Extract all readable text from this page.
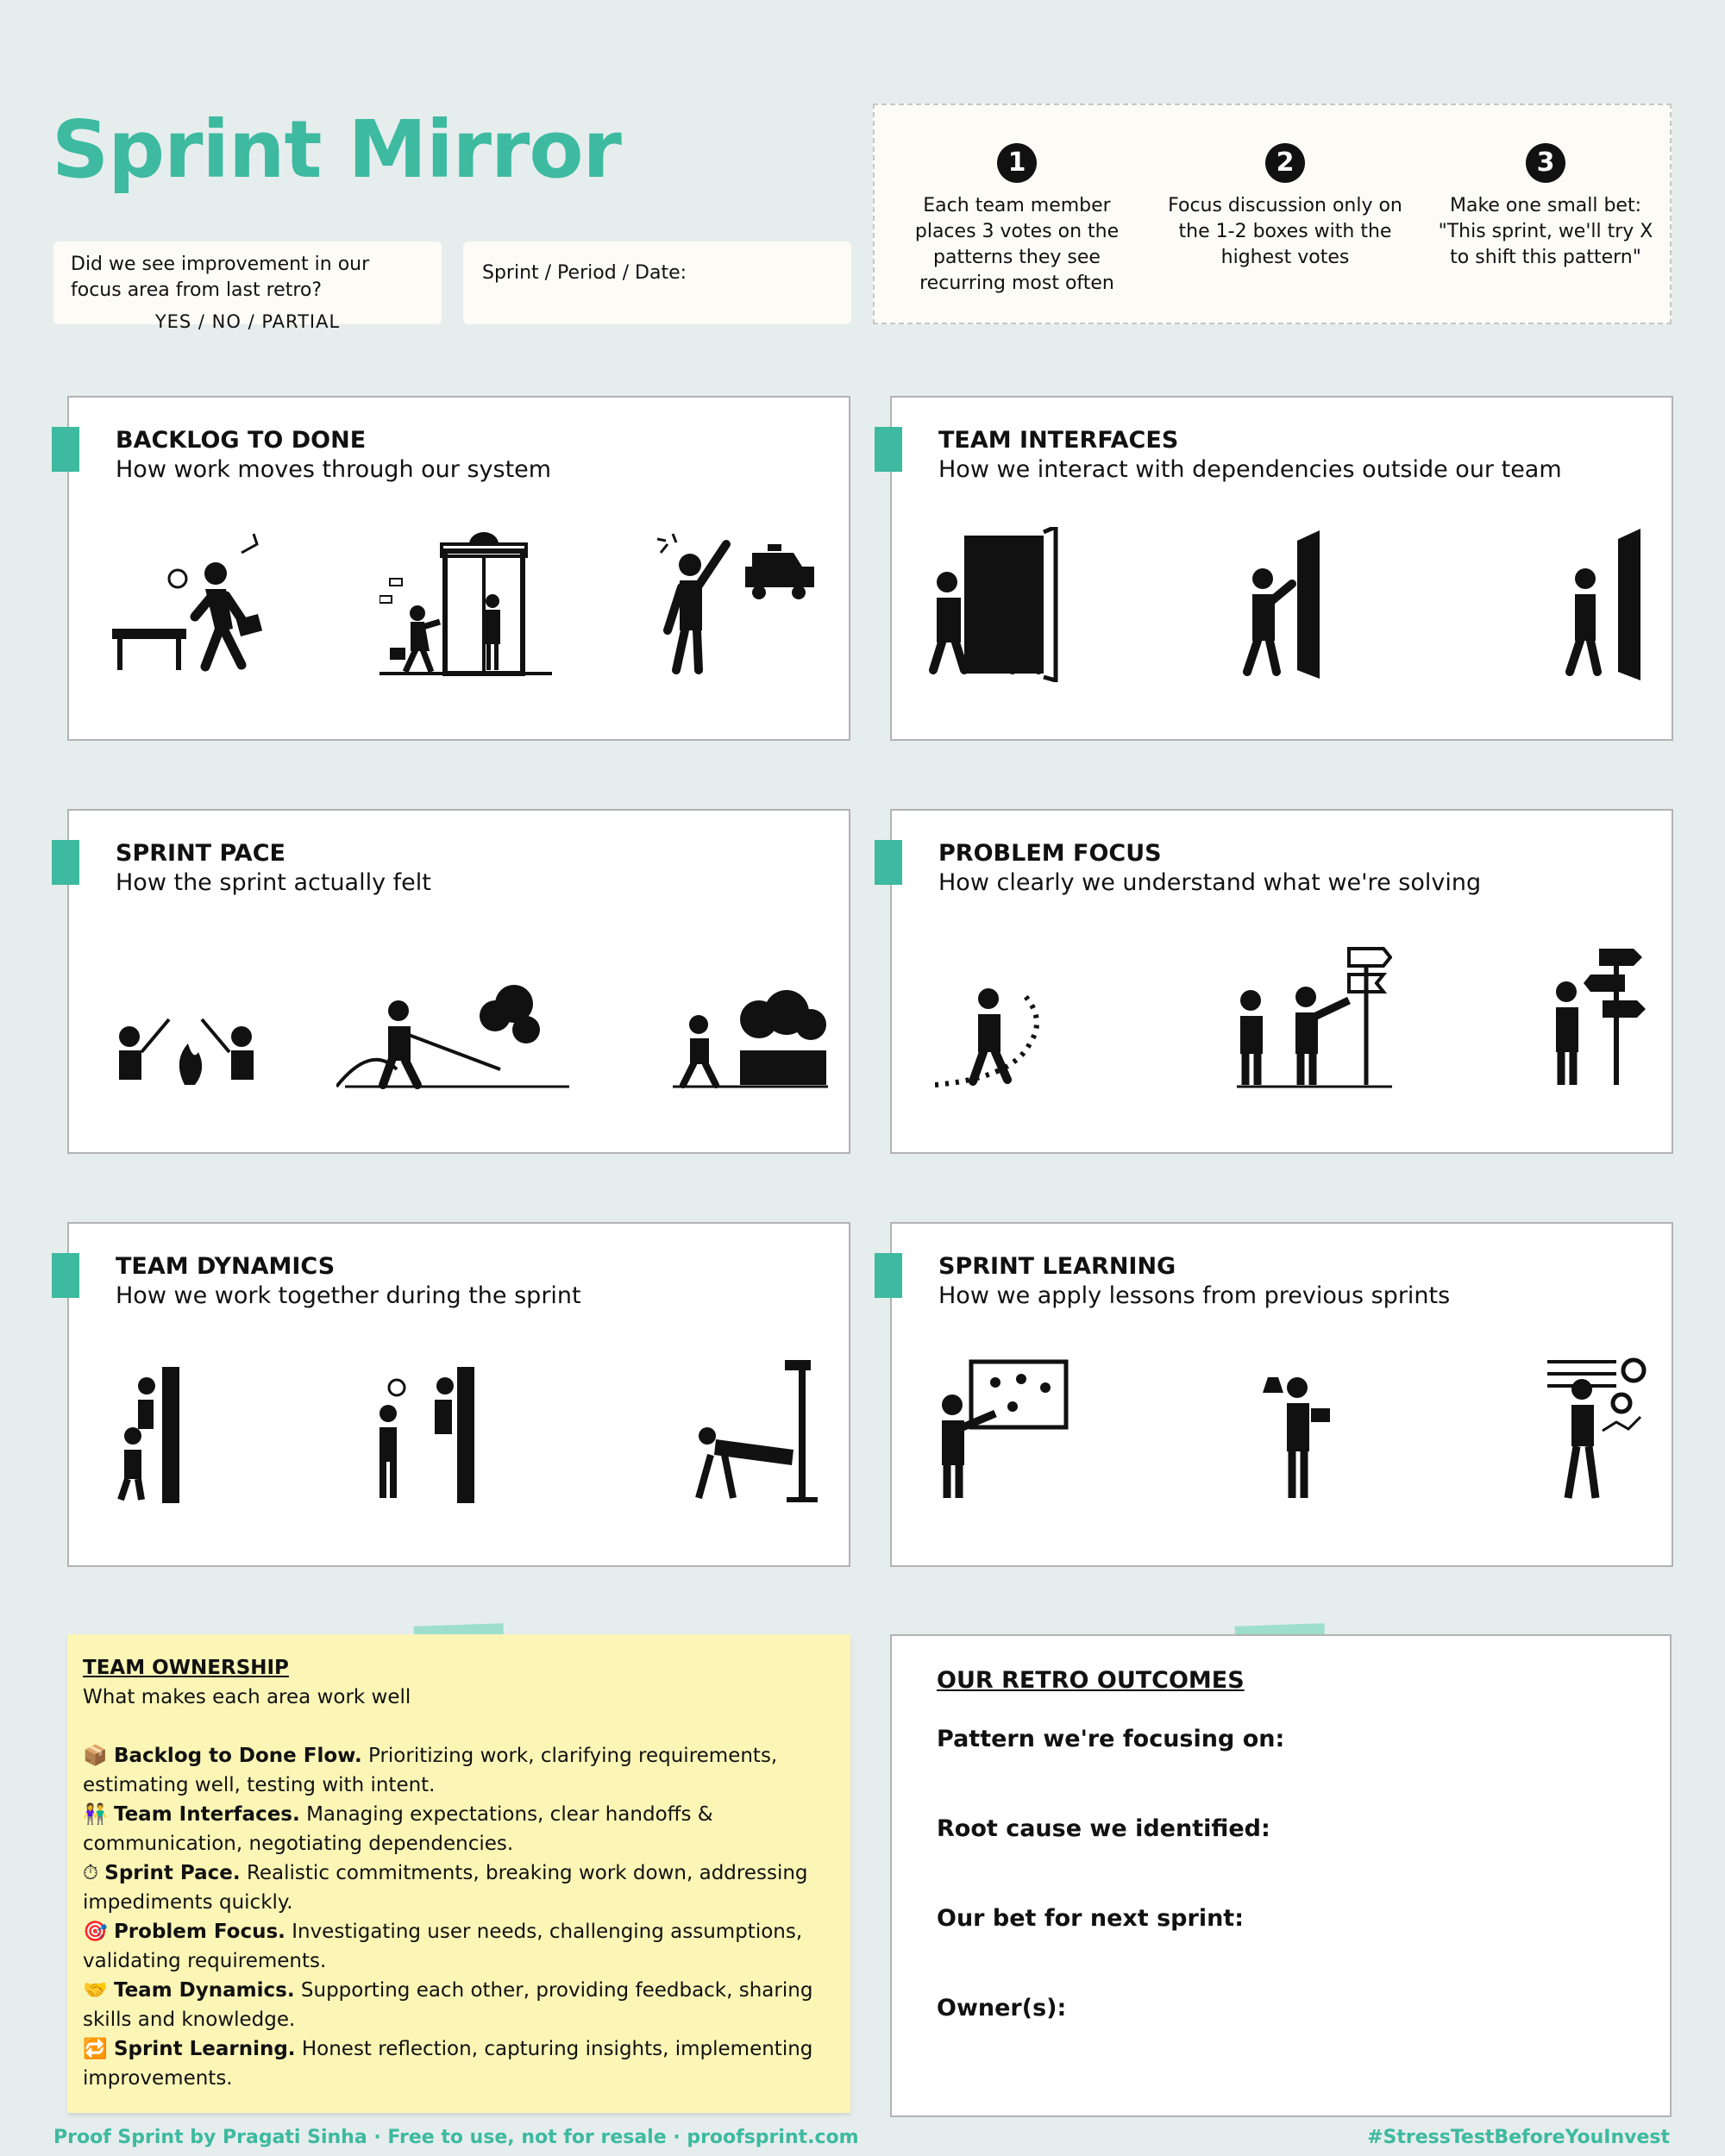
Sprint Mirror
Did we see improvement in our focus area from last retro?
YES / NO / PARTIAL
Sprint / Period / Date:
1
Each team member places 3 votes on the patterns they see recurring most often
2
Focus discussion only on the 1-2 boxes with the highest votes
3
Make one small bet: "This sprint, we'll try X to shift this pattern"
BACKLOG TO DONE
How work moves through our system
TEAM INTERFACES
How we interact with dependencies outside our team
SPRINT PACE
How the sprint actually felt
PROBLEM FOCUS
How clearly we understand what we're solving
TEAM DYNAMICS
How we work together during the sprint
SPRINT LEARNING
How we apply lessons from previous sprints
TEAM OWNERSHIP
What makes each area work well
📦 Backlog to Done Flow. Prioritizing work, clarifying requirements, estimating well, testing with intent.
👫 Team Interfaces. Managing expectations, clear handoffs & communication, negotiating dependencies.
⏱ Sprint Pace. Realistic commitments, breaking work down, addressing impediments quickly.
🎯 Problem Focus. Investigating user needs, challenging assumptions, validating requirements.
🤝 Team Dynamics. Supporting each other, providing feedback, sharing skills and knowledge.
🔁 Sprint Learning. Honest reflection, capturing insights, implementing improvements.
OUR RETRO OUTCOMES
Pattern we're focusing on:
Root cause we identified:
Our bet for next sprint:
Owner(s):
Proof Sprint by Pragati Sinha · Free to use, not for resale · proofsprint.com	#StressTestBeforeYouInvest
